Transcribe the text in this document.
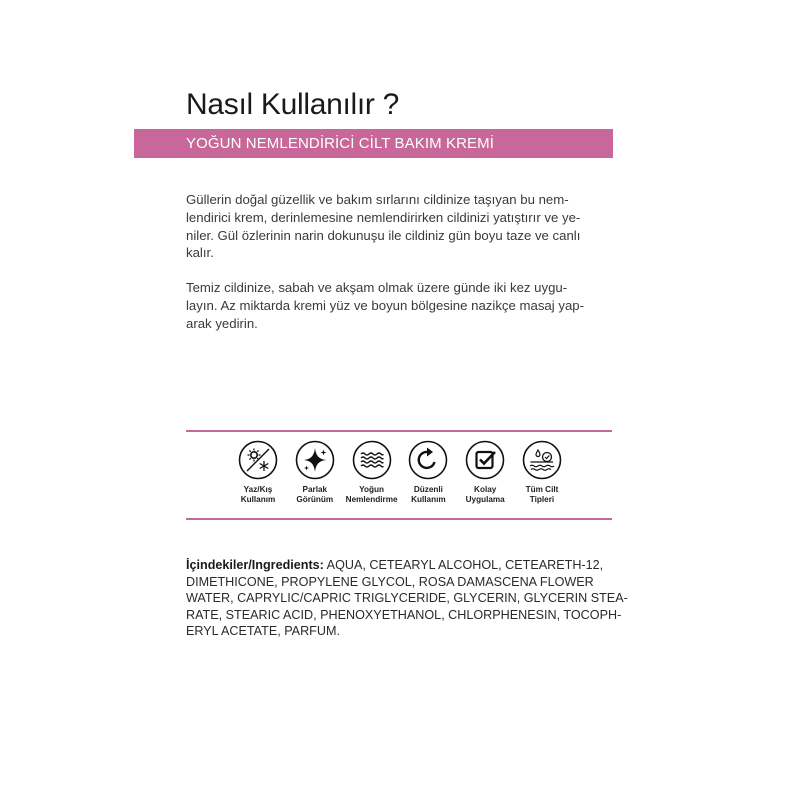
Nasıl Kullanılır ?
YOĞUN NEMLENDİRİCİ CİLT BAKIM KREMİ

Güllerin doğal güzellik ve bakım sırlarını cildinize taşıyan bu nem-
lendirici krem, derinlemesine nemlendirirken cildinizi yatıştırır ve ye-
niler. Gül özlerinin narin dokunuşu ile cildiniz gün boyu taze ve canlı
kalır.

Temiz cildinize, sabah ve akşam olmak üzere günde iki kez uygu-
layın. Az miktarda kremi yüz ve boyun bölgesine nazikçe masaj yap-
arak yedirin.

Yaz/Kış
Kullanım
Parlak
Görünüm
Yoğun
Nemlendirme
Düzenli
Kullanım
Kolay
Uygulama
Tüm Cilt
Tipleri

İçindekiler/Ingredients: AQUA, CETEARYL ALCOHOL, CETEARETH-12,
DIMETHICONE, PROPYLENE GLYCOL, ROSA DAMASCENA FLOWER
WATER, CAPRYLIC/CAPRIC TRIGLYCERIDE, GLYCERIN, GLYCERIN STEA-
RATE, STEARIC ACID, PHENOXYETHANOL, CHLORPHENESIN, TOCOPH-
ERYL ACETATE, PARFUM.
